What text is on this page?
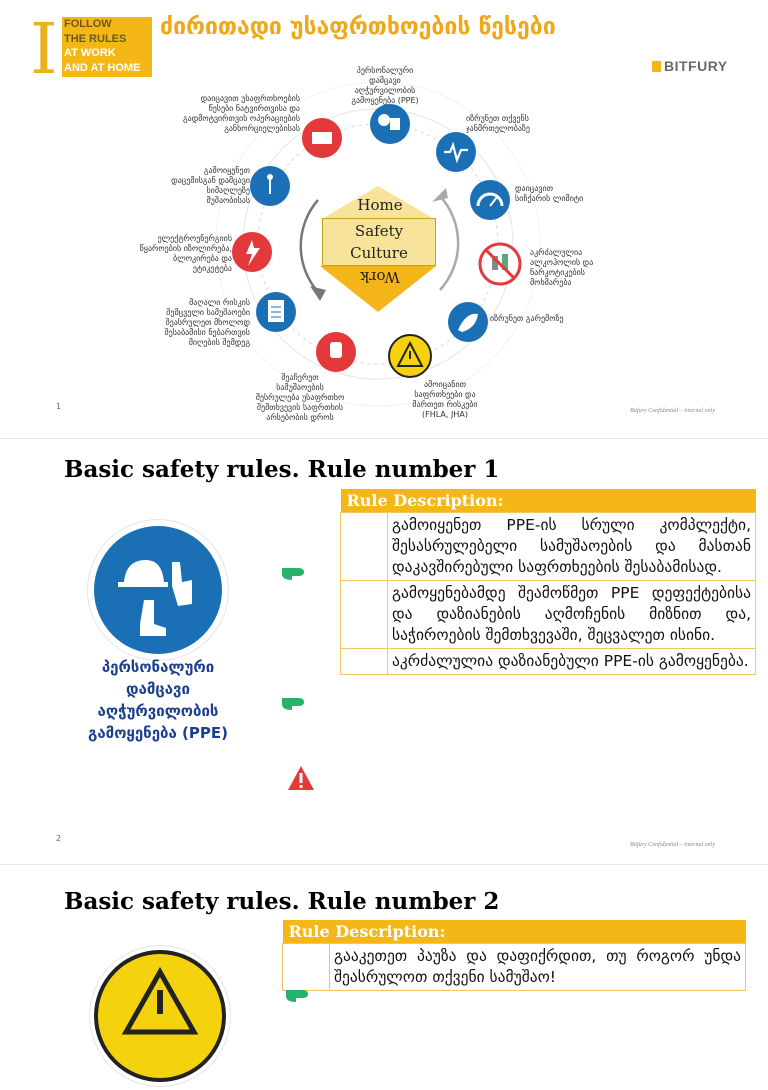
I FOLLOW
THE RULES
AT WORK
AND AT HOME
ძირითადი უსაფრთხოების წესები
BITFURY
Home
Safety
Culture
Work
პერსონალური
დამცავი
აღჭურვილობის
გამოყენება (PPE)
იზრუნეთ თქვენს
ჯანმრთელობაზე
დაიცავით
სიჩქარის ლიმიტი
აკრძალულია
ალკოჰოლის და
ნარკოტიკების
მოხმარება
იზრუნეთ გარემოზე
ამოიცანით
საფრთხეები და
მართეთ რისკები
(FHLA, JHA)
შეაჩერეთ
სამუშაოების
შესრულება უსაფრთხო
შემთხვევის საფრთხის
არსებობის დროს
მაღალი რისკის
შემცველი სამუშაოები
შეასრულეთ მხოლოდ
შესაბამისი ნებართვის
მიღების შემდეგ
ელექტროენერგიის
წყაროების იზოლირება,
ბლოკირება და
ეტიკეტება
გამოიყენეთ
დაცემისგან დამცავი
სიმაღლეზე
მუშაობისას
დაიცავით უსაფრთხოების
წესები ნატვირთვისა და
გადმოტვირთვის ოპერაციების
განხორციელებისას
1	Bitfury Confidential – internal only
Basic safety rules. Rule number 1
პერსონალური
დამცავი
აღჭურვილობის
გამოყენება (PPE)
Rule Description:	
	გამოიყენეთ PPE-ის სრული კომპლექტი, შესასრულებელი სამუშაოების და მასთან დაკავშირებული საფრთხეების შესაბამისად.
	გამოყენებამდე შეამოწმეთ PPE დეფექტებისა და დაზიანების აღმოჩენის მიზნით და, საჭიროების შემთხვევაში, შეცვალეთ ისინი.
	აკრძალულია დაზიანებული PPE-ის გამოყენება.
2
Bitfury Confidential – internal only
Basic safety rules. Rule number 2
Rule Description:
	გააკეთეთ პაუზა და დაფიქრდით, თუ როგორ უნდა შეასრულოთ თქვენი სამუშაო!
